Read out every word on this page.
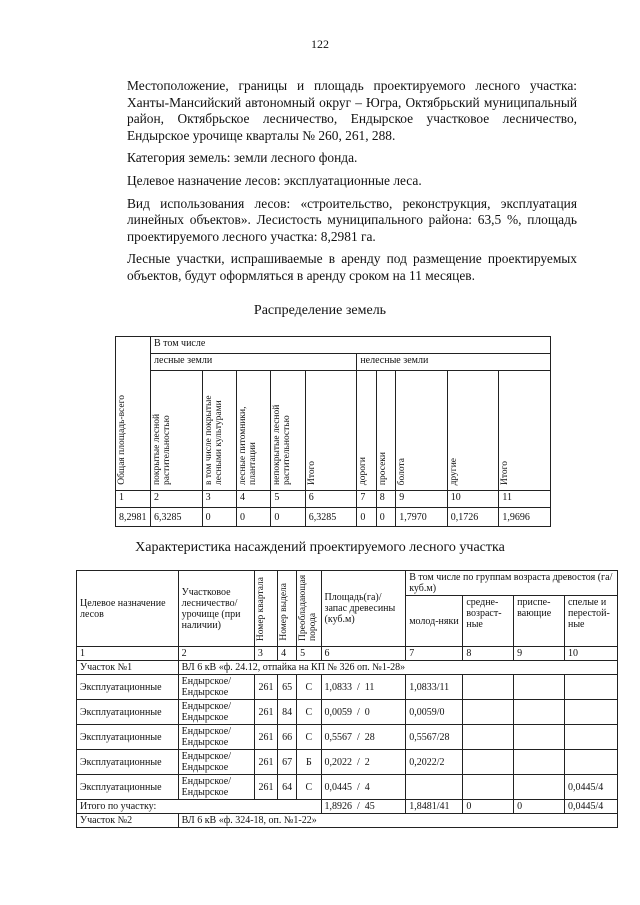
122

Местоположение, границы и площадь проектируемого лесного участка: Ханты-Мансийский автономный округ – Югра, Октябрьский муниципальный район, Октябрьское лесничество, Ендырское участковое лесничество, Ендырское урочище кварталы № 260, 261, 288.

Категория земель: земли лесного фонда.

Целевое назначение лесов: эксплуатационные леса.

Вид использования лесов: «строительство, реконструкция, эксплуатация линейных объектов». Лесистость муниципального района: 63,5 %, площадь проектируемого лесного участка: 8,2981 га.

Лесные участки, испрашиваемые в аренду под размещение проектируемых объектов, будут оформляться в аренду сроком на 11 месяцев.

Распределение земель
Общая площадь-всего	В том числе									
	лесные земли					нелесные земли				
	покрытые лесной растительностью	в том числе покрытые лесными культурами	лесные питомники, плантации	непокрытые лесной растительностью	Итого	дороги	просеки	болота	другие	Итого
1	2	3	4	5	6	7	8	9	10	11
8,2981	6,3285	0	0	0	6,3285	0	0	1,7970	0,1726	1,9696
Характеристика насаждений проектируемого лесного участка
Целевое назначение лесов	Участковое лесничество/ урочище (при наличии)	Номер квартала	Номер выдела	Преобладающая порода	Площадь(га)/ запас древесины (куб.м)	В том числе по группам возраста древостоя (га/куб.м)			
						молод-няки	средне-возраст-ные	приспе-вающие	спелые и перестой-ные
1	2	3	4	5	6	7	8	9	10
Участок №1	ВЛ 6 кВ «ф. 24.12, отпайка на КП № 326 оп. №1-28»								
Эксплуатационные	Ендырское/ Ендырское	261	65	С	1,0833  /  11	1,0833/11			
Эксплуатационные	Ендырское/ Ендырское	261	84	С	0,0059  /  0	0,0059/0			
Эксплуатационные	Ендырское/ Ендырское	261	66	С	0,5567  /  28	0,5567/28			
Эксплуатационные	Ендырское/ Ендырское	261	67	Б	0,2022  /  2	0,2022/2			
Эксплуатационные	Ендырское/ Ендырское	261	64	С	0,0445  /  4				0,0445/4
Итого по участку:					1,8926  /  45	1,8481/41	0	0	0,0445/4
Участок №2	ВЛ 6 кВ «ф. 324-18, оп. №1-22»								
